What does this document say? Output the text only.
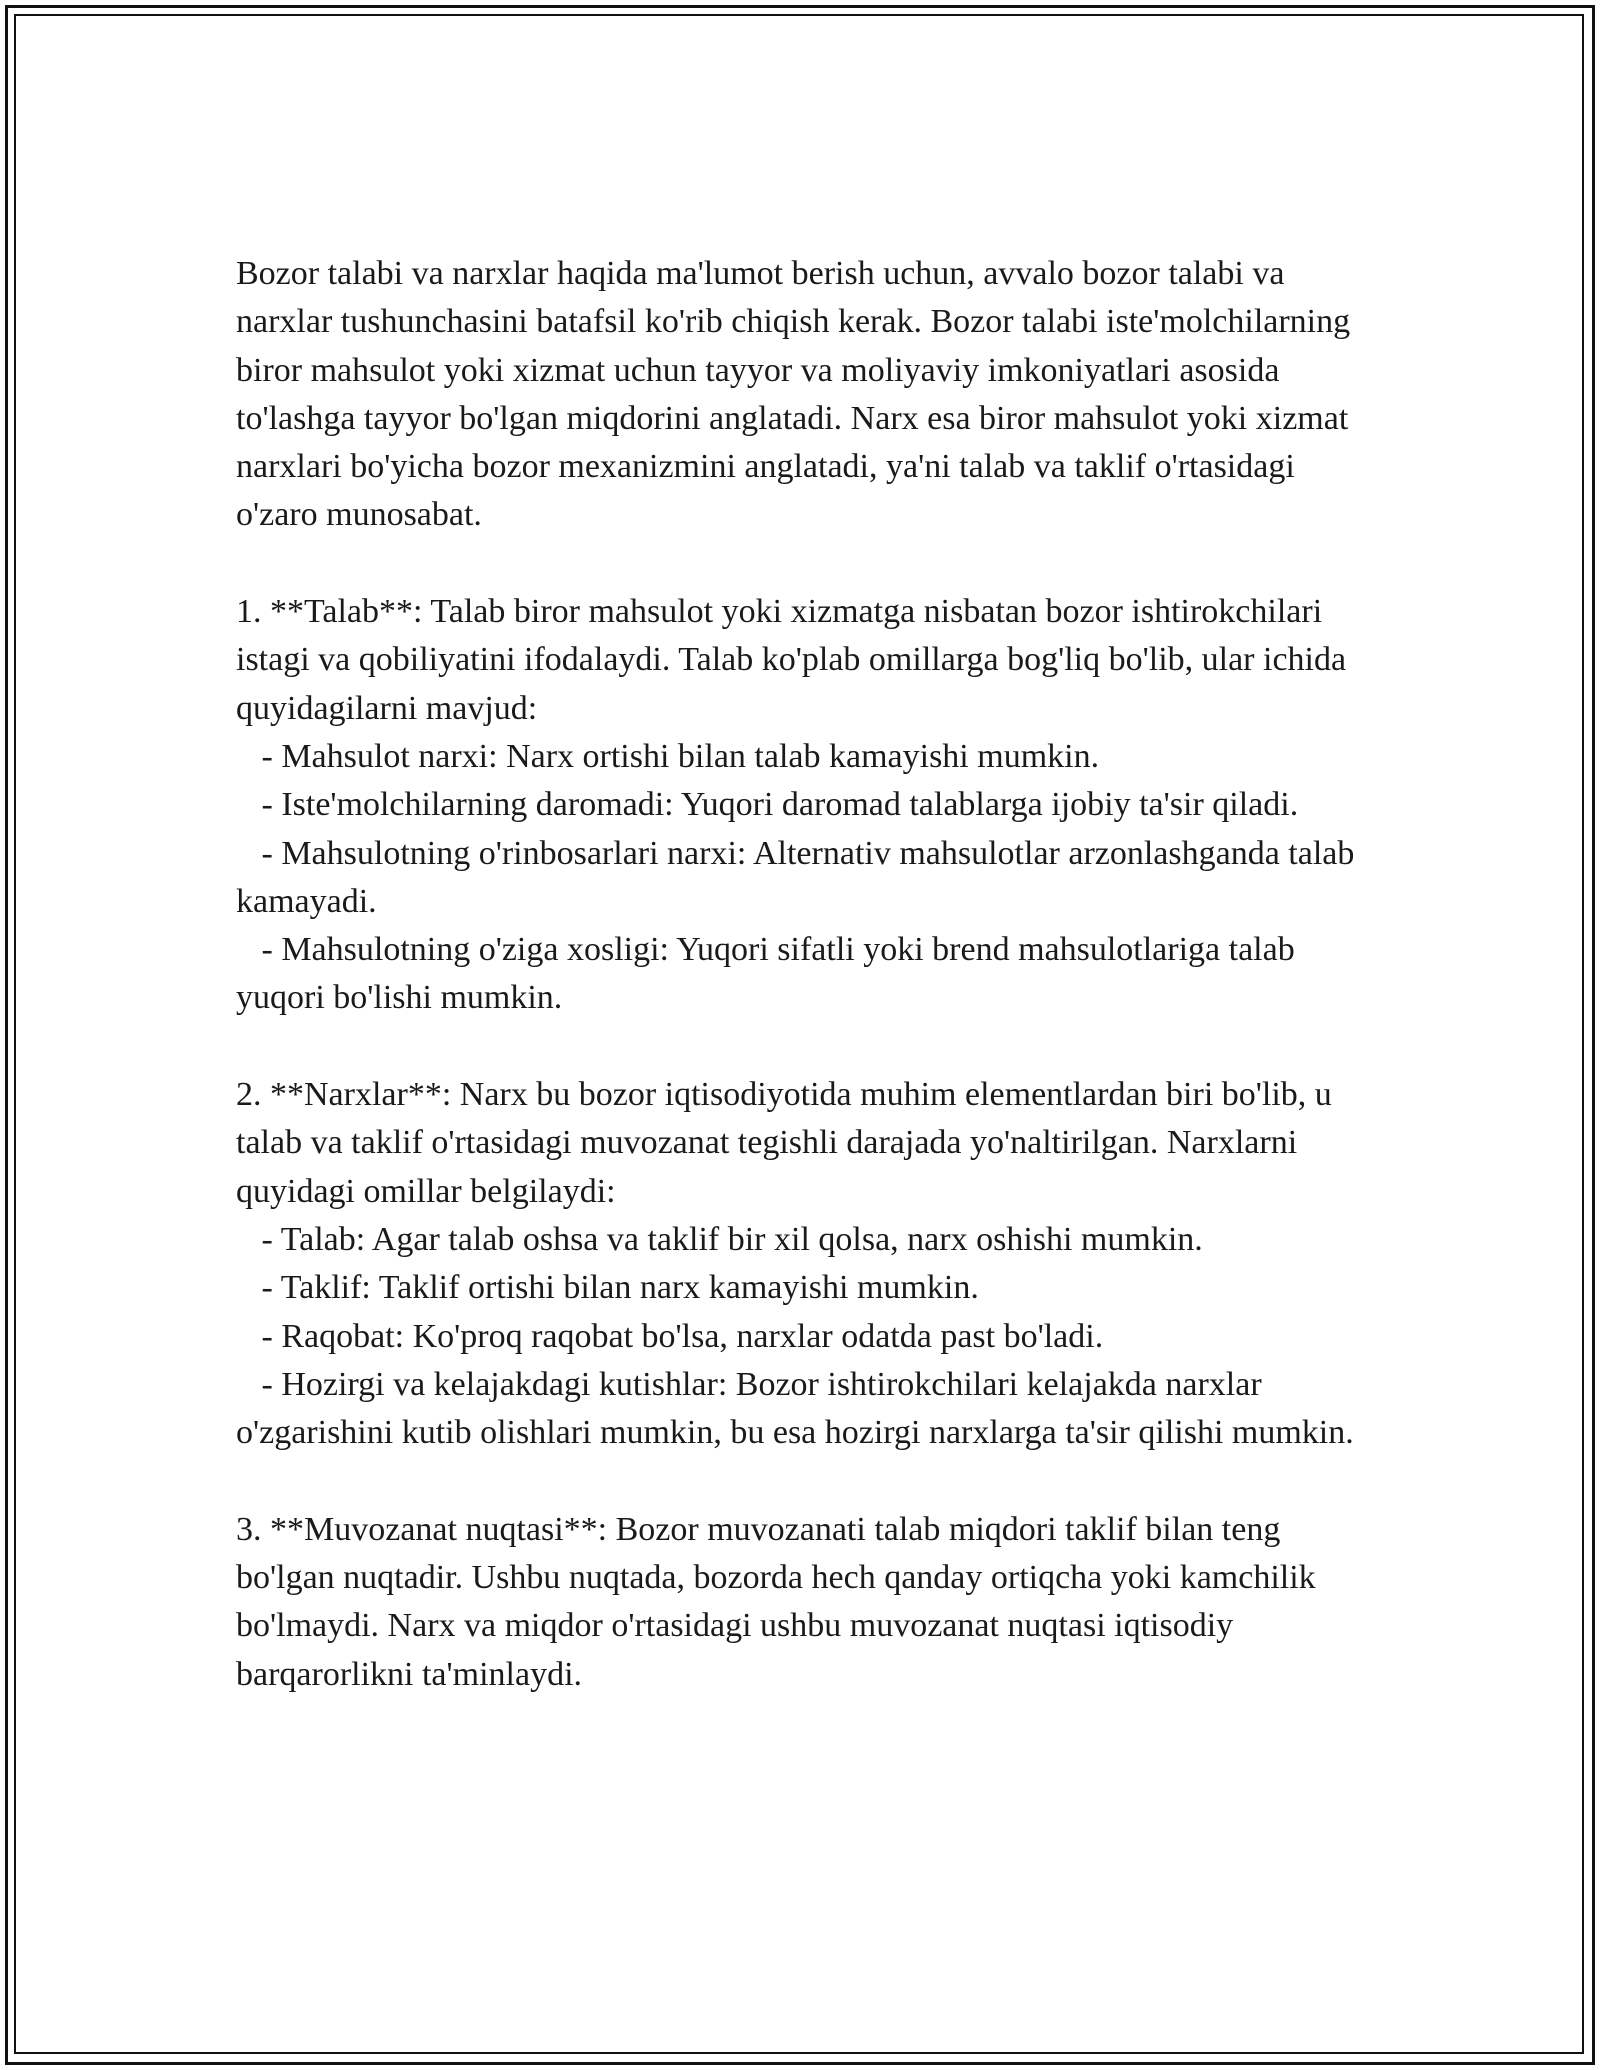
Bozor talabi va narxlar haqida ma'lumot berish uchun, avvalo bozor talabi va narxlar tushunchasini batafsil ko'rib chiqish kerak. Bozor talabi iste'molchilarning biror mahsulot yoki xizmat uchun tayyor va moliyaviy imkoniyatlari asosida to'lashga tayyor bo'lgan miqdorini anglatadi. Narx esa biror mahsulot yoki xizmat narxlari bo'yicha bozor mexanizmini anglatadi, ya'ni talab va taklif o'rtasidagi o'zaro munosabat.

1. **Talab**: Talab biror mahsulot yoki xizmatga nisbatan bozor ishtirokchilari istagi va qobiliyatini ifodalaydi. Talab ko'plab omillarga bog'liq bo'lib, ular ichida quyidagilarni mavjud:
- Mahsulot narxi: Narx ortishi bilan talab kamayishi mumkin.
- Iste'molchilarning daromadi: Yuqori daromad talablarga ijobiy ta'sir qiladi.
- Mahsulotning o'rinbosarlari narxi: Alternativ mahsulotlar arzonlashganda talab kamayadi.
- Mahsulotning o'ziga xosligi: Yuqori sifatli yoki brend mahsulotlariga talab yuqori bo'lishi mumkin.

2. **Narxlar**: Narx bu bozor iqtisodiyotida muhim elementlardan biri bo'lib, u talab va taklif o'rtasidagi muvozanat tegishli darajada yo'naltirilgan. Narxlarni quyidagi omillar belgilaydi:
- Talab: Agar talab oshsa va taklif bir xil qolsa, narx oshishi mumkin.
- Taklif: Taklif ortishi bilan narx kamayishi mumkin.
- Raqobat: Ko'proq raqobat bo'lsa, narxlar odatda past bo'ladi.
- Hozirgi va kelajakdagi kutishlar: Bozor ishtirokchilari kelajakda narxlar o'zgarishini kutib olishlari mumkin, bu esa hozirgi narxlarga ta'sir qilishi mumkin.

3. **Muvozanat nuqtasi**: Bozor muvozanati talab miqdori taklif bilan teng bo'lgan nuqtadir. Ushbu nuqtada, bozorda hech qanday ortiqcha yoki kamchilik bo'lmaydi. Narx va miqdor o'rtasidagi ushbu muvozanat nuqtasi iqtisodiy barqarorlikni ta'minlaydi.
